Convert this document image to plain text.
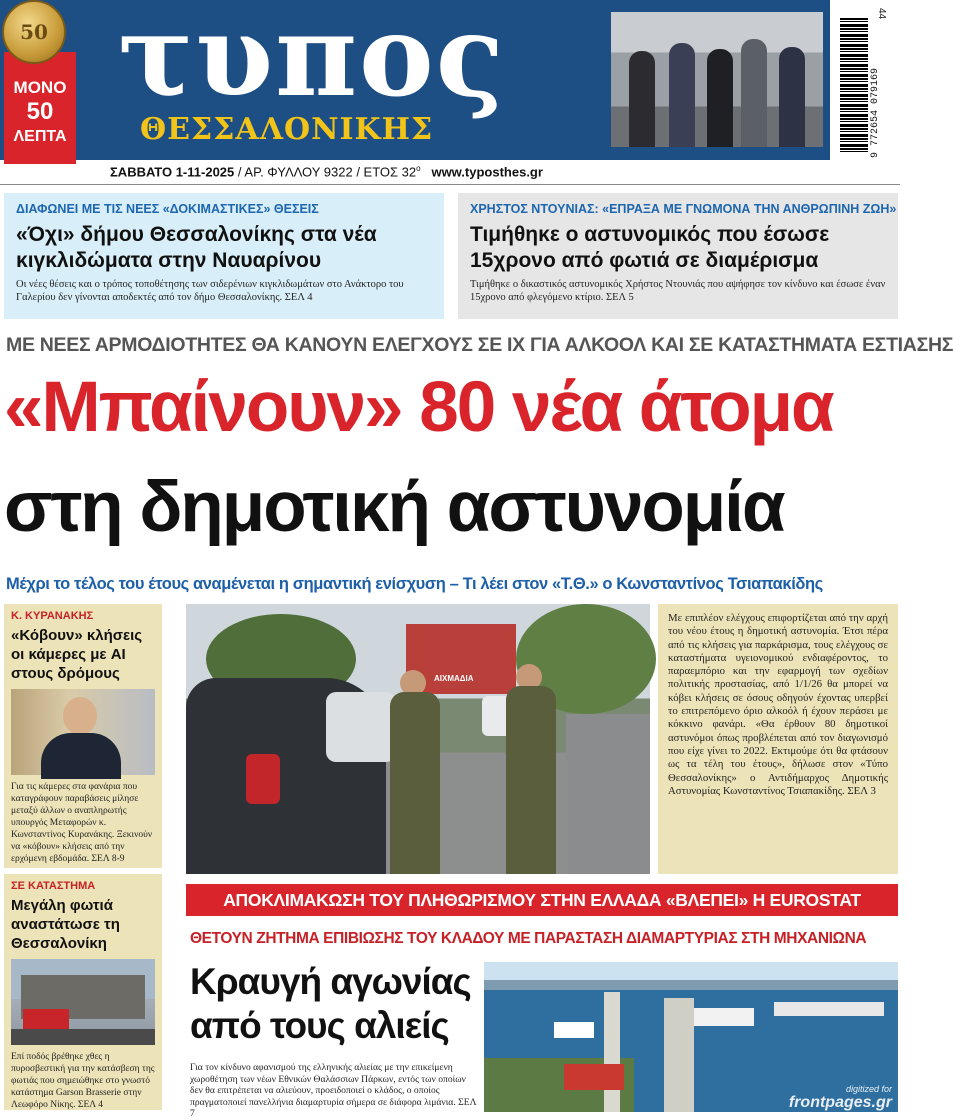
ΜΟΝΟ
50
ΛΕΠΤΑ
50 τυπος
ΘΕΣΣΑΛΟΝΙΚΗΣ	9 772654 079169
44
ΣΑΒΒΑΤΟ 1-11-2025 / ΑΡ. ΦΥΛΛΟΥ 9322 / ΕΤΟΣ $32^o$ www.typosthes.gr
ΔΙΑΦΩΝΕΙ ΜΕ ΤΙΣ ΝΕΕΣ «ΔΟΚΙΜΑΣΤΙΚΕΣ» ΘΕΣΕΙΣ
«Όχι» δήμου Θεσσαλονίκης στα νέα κιγκλιδώματα στην Ναυαρίνου
Οι νέες θέσεις και ο τρόπος τοποθέτησης των σιδερένιων κιγκλιδωμάτων στο Ανάκτορο του Γαλερίου δεν γίνονται αποδεκτές από τον δήμο Θεσσαλονίκης. ΣΕΛ 4
ΧΡΗΣΤΟΣ ΝΤΟΥΝΙΑΣ: «ΕΠΡΑΞΑ ΜΕ ΓΝΩΜΟΝΑ ΤΗΝ ΑΝΘΡΩΠΙΝΗ ΖΩΗ»
Τιμήθηκε ο αστυνομικός που έσωσε 15χρονο από φωτιά σε διαμέρισμα
Τιμήθηκε ο δικαστικός αστυνομικός Χρήστος Ντουνιάς που αψήφησε τον κίνδυνο και έσωσε έναν 15χρονο από φλεγόμενο κτίριο. ΣΕΛ 5
ΜΕ ΝΕΕΣ ΑΡΜΟΔΙΟΤΗΤΕΣ ΘΑ ΚΑΝΟΥΝ ΕΛΕΓΧΟΥΣ ΣΕ ΙΧ ΓΙΑ ΑΛΚΟΟΛ ΚΑΙ ΣΕ ΚΑΤΑΣΤΗΜΑΤΑ ΕΣΤΙΑΣΗΣ
«Μπαίνουν» 80 νέα άτομα
στη δημοτική αστυνομία
Μέχρι το τέλος του έτους αναμένεται η σημαντική ενίσχυση – Τι λέει στον «Τ.Θ.» ο Κωνσταντίνος Τσιαπακίδης
Κ. ΚΥΡΑΝΑΚΗΣ
«Κόβουν» κλήσεις οι κάμερες με AI στους δρόμους
Για τις κάμερες στα φανάρια που καταγράφουν παραβάσεις μίλησε μεταξύ άλλων ο αναπληρωτής υπουργός Μεταφορών κ. Κωνσταντίνος Κυρανάκης. Ξεκινούν να «κόβουν» κλήσεις από την ερχόμενη εβδομάδα. ΣΕΛ 8-9
ΣΕ ΚΑΤΑΣΤΗΜΑ
Μεγάλη φωτιά αναστάτωσε τη Θεσσαλονίκη
Επί ποδός βρέθηκε χθες η πυροσβεστική για την κατάσβεση της φωτιάς που σημειώθηκε στο γνωστό κατάστημα Garson Brasserie στην Λεωφόρο Νίκης. ΣΕΛ 4
ΑΙΧΜΑΔΙΑ
Με επιπλέον ελέγχους επιφορτίζεται από την αρχή του νέου έτους η δημοτική αστυνομία. Έτσι πέρα από τις κλήσεις για παρκάρισμα, τους ελέγχους σε καταστήματα υγειονομικού ενδιαφέροντος, το παραεμπόριο και την εφαρμογή των σχεδίων πολιτικής προστασίας, από 1/1/26 θα μπορεί να κόβει κλήσεις σε όσους οδηγούν έχοντας υπερβεί το επιτρεπόμενο όριο αλκοόλ ή έχουν περάσει με κόκκινο φανάρι. «Θα έρθουν 80 δημοτικοί αστυνόμοι όπως προβλέπεται από τον διαγωνισμό που είχε γίνει το 2022. Εκτιμούμε ότι θα φτάσουν ως τα τέλη του έτους», δήλωσε στον «Τύπο Θεσσαλονίκης» ο Αντιδήμαρχος Δημοτικής Αστυνομίας Κωνσταντίνος Τσιαπακίδης. ΣΕΛ 3
ΑΠΟΚΛΙΜΑΚΩΣΗ ΤΟΥ ΠΛΗΘΩΡΙΣΜΟΥ ΣΤΗΝ ΕΛΛΑΔΑ «ΒΛΕΠΕΙ» Η EUROSTAT
ΘΕΤΟΥΝ ΖΗΤΗΜΑ ΕΠΙΒΙΩΣΗΣ ΤΟΥ ΚΛΑΔΟΥ ΜΕ ΠΑΡΑΣΤΑΣΗ ΔΙΑΜΑΡΤΥΡΙΑΣ ΣΤΗ ΜΗΧΑΝΙΩΝΑ
Κραυγή αγωνίας από τους αλιείς
Για τον κίνδυνο αφανισμού της ελληνικής αλιείας με την επικείμενη χωροθέτηση των νέων Εθνικών Θαλάσσιων Πάρκων, εντός των οποίων δεν θα επιτρέπεται να αλιεύουν, προειδοποιεί ο κλάδος, ο οποίος πραγματοποιεί πανελλήνια διαμαρτυρία σήμερα σε διάφορα λιμάνια. ΣΕΛ 7
digitized for
frontpages.gr
